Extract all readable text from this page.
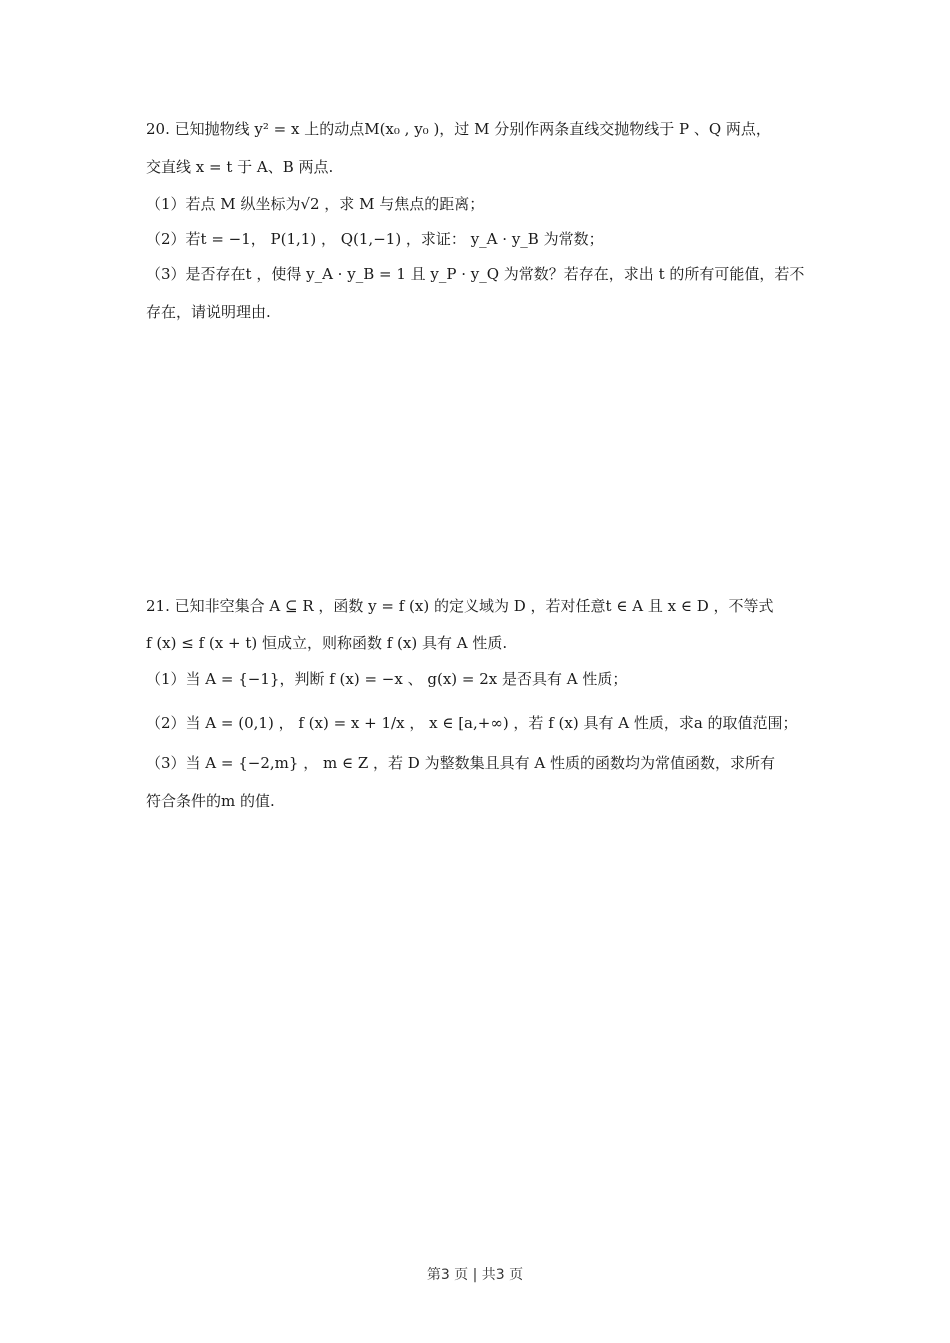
20. 已知抛物线 y² = x 上的动点M(x₀ , y₀ )，过 M 分别作两条直线交抛物线于 P 、Q 两点，
交直线 x = t 于 A、B 两点.
（1）若点 M 纵坐标为√2 ，求 M 与焦点的距离；
（2）若t = −1， P(1,1) ， Q(1,−1) ，求证： y_A · y_B 为常数；
（3）是否存在t ，使得 y_A · y_B = 1 且 y_P · y_Q 为常数？若存在，求出 t 的所有可能值，若不
存在，请说明理由.
21. 已知非空集合 A ⊆ R ，函数 y = f (x) 的定义域为 D ，若对任意t ∈ A 且 x ∈ D ，不等式
f (x) ≤ f (x + t) 恒成立，则称函数 f (x) 具有 A 性质.
（1）当 A = {−1}，判断 f (x) = −x 、 g(x) = 2x 是否具有 A 性质；
（2）当 A = (0,1) ， f (x) = x + 1/x ， x ∈ [a,+∞) ，若 f (x) 具有 A 性质，求a 的取值范围；
（3）当 A = {−2,m} ， m ∈ Z ，若 D 为整数集且具有 A 性质的函数均为常值函数，求所有
符合条件的m 的值.
第3 页 | 共3 页
